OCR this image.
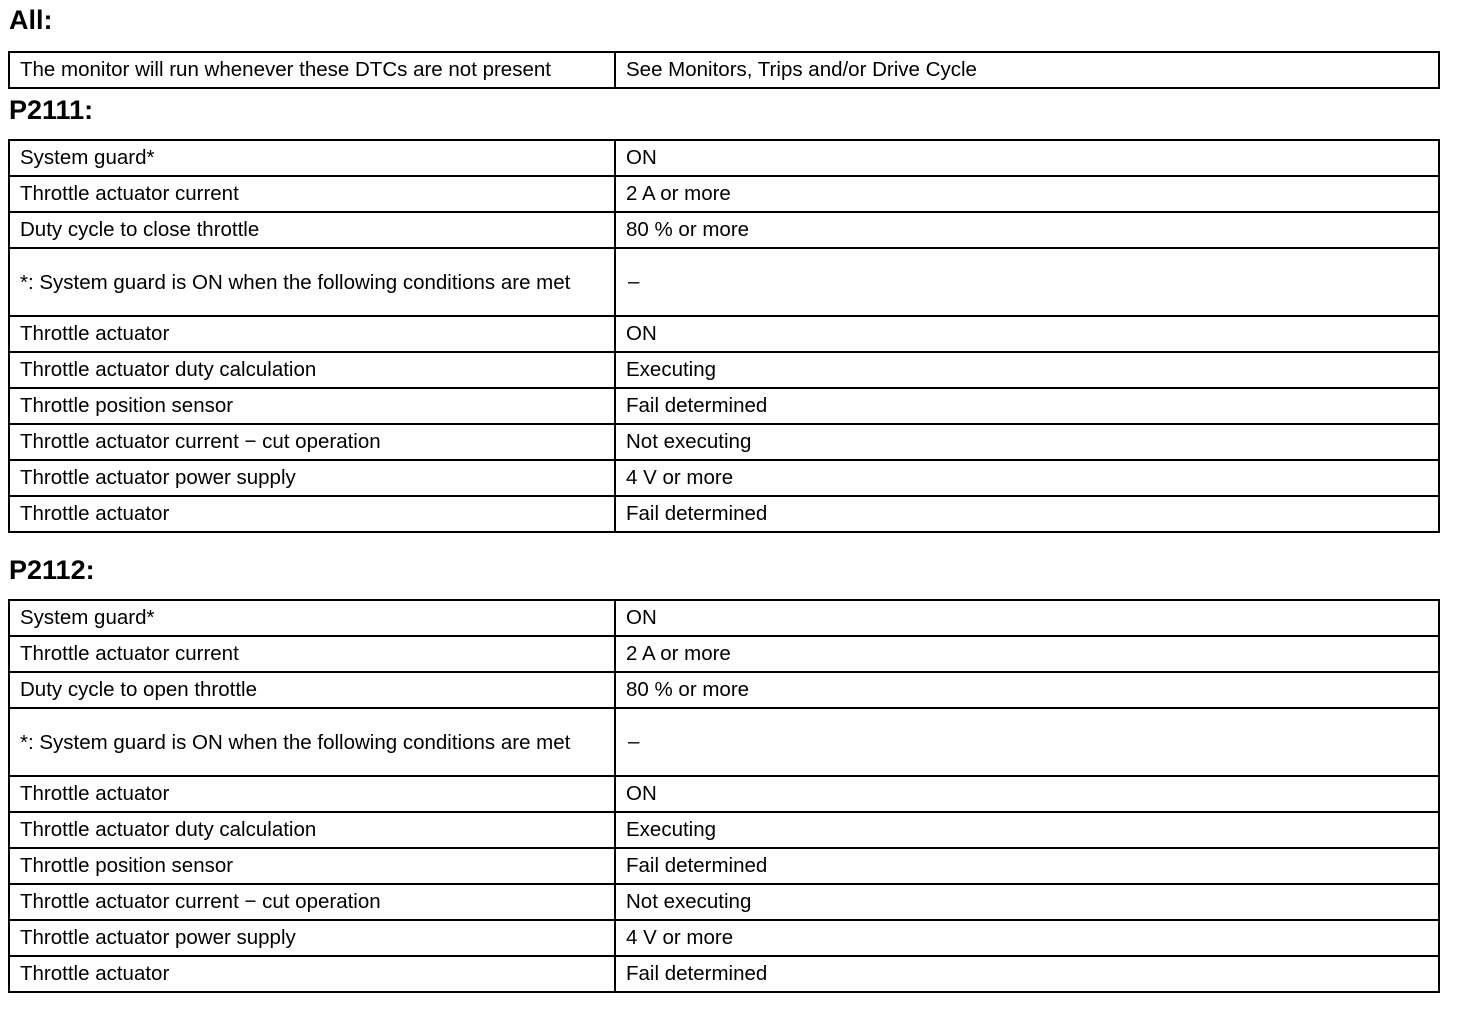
All:
The monitor will run whenever these DTCs are not present	See Monitors, Trips and/or Drive Cycle
P2111:
System guard*	ON
Throttle actuator current	2 A or more
Duty cycle to close throttle	80 % or more
*: System guard is ON when the following conditions are met	–
Throttle actuator	ON
Throttle actuator duty calculation	Executing
Throttle position sensor	Fail determined
Throttle actuator current − cut operation	Not executing
Throttle actuator power supply	4 V or more
Throttle actuator	Fail determined
P2112:
System guard*	ON
Throttle actuator current	2 A or more
Duty cycle to open throttle	80 % or more
*: System guard is ON when the following conditions are met	–
Throttle actuator	ON
Throttle actuator duty calculation	Executing
Throttle position sensor	Fail determined
Throttle actuator current − cut operation	Not executing
Throttle actuator power supply	4 V or more
Throttle actuator	Fail determined
